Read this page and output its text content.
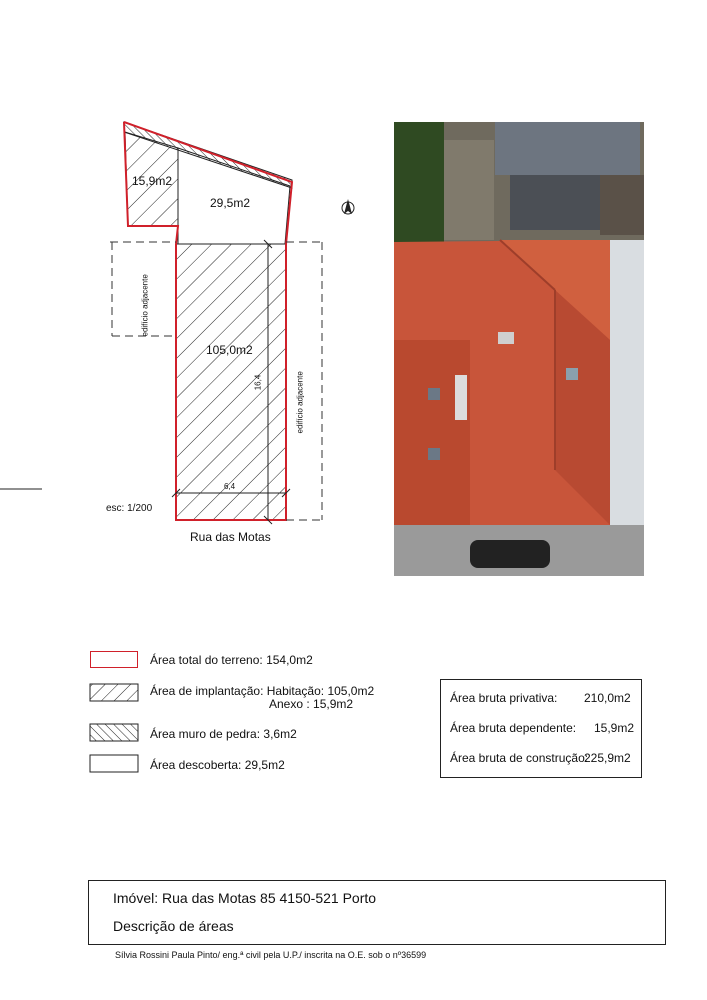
15,9m2
29,5m2
105,0m2
edifício adjacente
edifício adjacente
16,4
6,4
esc: 1/200
Rua das Motas
Área total do terreno: 154,0m2
Área de implantação: Habitação: 105,0m2
Anexo : 15,9m2
Área muro de pedra: 3,6m2
Área descoberta: 29,5m2
Área bruta privativa: 210,0m2
Área bruta dependente: 15,9m2
Área bruta de construção:
225,9m2
Imóvel: Rua das Motas 85 4150-521 Porto
Descrição de áreas
Sílvia Rossini Paula Pinto/ eng.ª civil pela U.P./ inscrita na O.E. sob o nº36599
